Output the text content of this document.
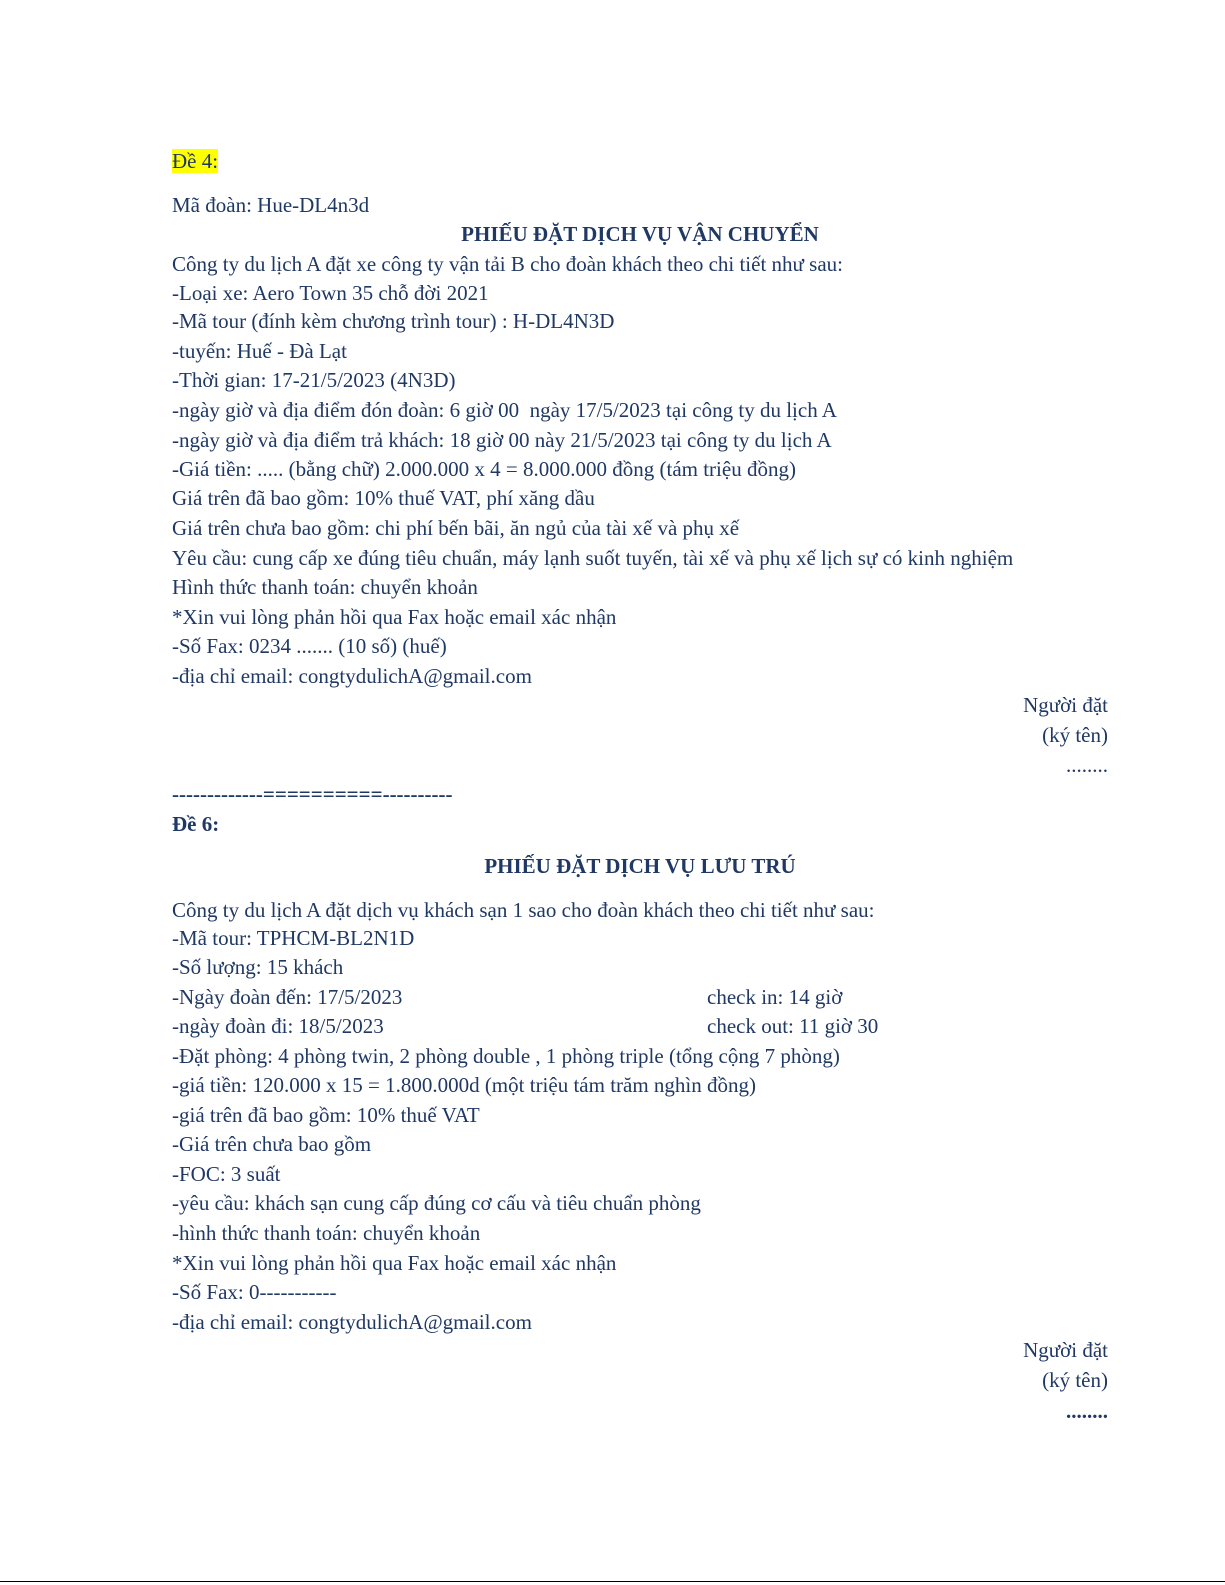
Đề 4:
Mã đoàn: Hue-DL4n3d
PHIẾU ĐẶT DỊCH VỤ VẬN CHUYỂN
Công ty du lịch A đặt xe công ty vận tải B cho đoàn khách theo chi tiết như sau:
-Loại xe: Aero Town 35 chỗ đời 2021
-Mã tour (đính kèm chương trình tour) : H-DL4N3D
-tuyến: Huế - Đà Lạt
-Thời gian: 17-21/5/2023 (4N3D)
-ngày giờ và địa điểm đón đoàn: 6 giờ 00  ngày 17/5/2023 tại công ty du lịch A
-ngày giờ và địa điểm trả khách: 18 giờ 00 này 21/5/2023 tại công ty du lịch A
-Giá tiền: ..... (bằng chữ) 2.000.000 x 4 = 8.000.000 đồng (tám triệu đồng)
Giá trên đã bao gồm: 10% thuế VAT, phí xăng dầu
Giá trên chưa bao gồm: chi phí bến bãi, ăn ngủ của tài xế và phụ xế
Yêu cầu: cung cấp xe đúng tiêu chuẩn, máy lạnh suốt tuyến, tài xế và phụ xế lịch sự có kinh nghiệm
Hình thức thanh toán: chuyển khoản
*Xin vui lòng phản hồi qua Fax hoặc email xác nhận
-Số Fax: 0234 ....... (10 số) (huế)
-địa chỉ email: congtydulichA@gmail.com
Người đặt
(ký tên)
........
-------------==========----------
Đề 6:
PHIẾU ĐẶT DỊCH VỤ LƯU TRÚ
Công ty du lịch A đặt dịch vụ khách sạn 1 sao cho đoàn khách theo chi tiết như sau:
-Mã tour: TPHCM-BL2N1D
-Số lượng: 15 khách
-Ngày đoàn đến: 17/5/2023	check in: 14 giờ
-ngày đoàn đi: 18/5/2023	check out: 11 giờ 30
-Đặt phòng: 4 phòng twin, 2 phòng double , 1 phòng triple (tổng cộng 7 phòng)
-giá tiền: 120.000 x 15 = 1.800.000d (một triệu tám trăm nghìn đồng)
-giá trên đã bao gồm: 10% thuế VAT
-Giá trên chưa bao gồm
-FOC: 3 suất
-yêu cầu: khách sạn cung cấp đúng cơ cấu và tiêu chuẩn phòng
-hình thức thanh toán: chuyển khoản
*Xin vui lòng phản hồi qua Fax hoặc email xác nhận
-Số Fax: 0-----------
-địa chỉ email: congtydulichA@gmail.com
Người đặt
(ký tên)
........
